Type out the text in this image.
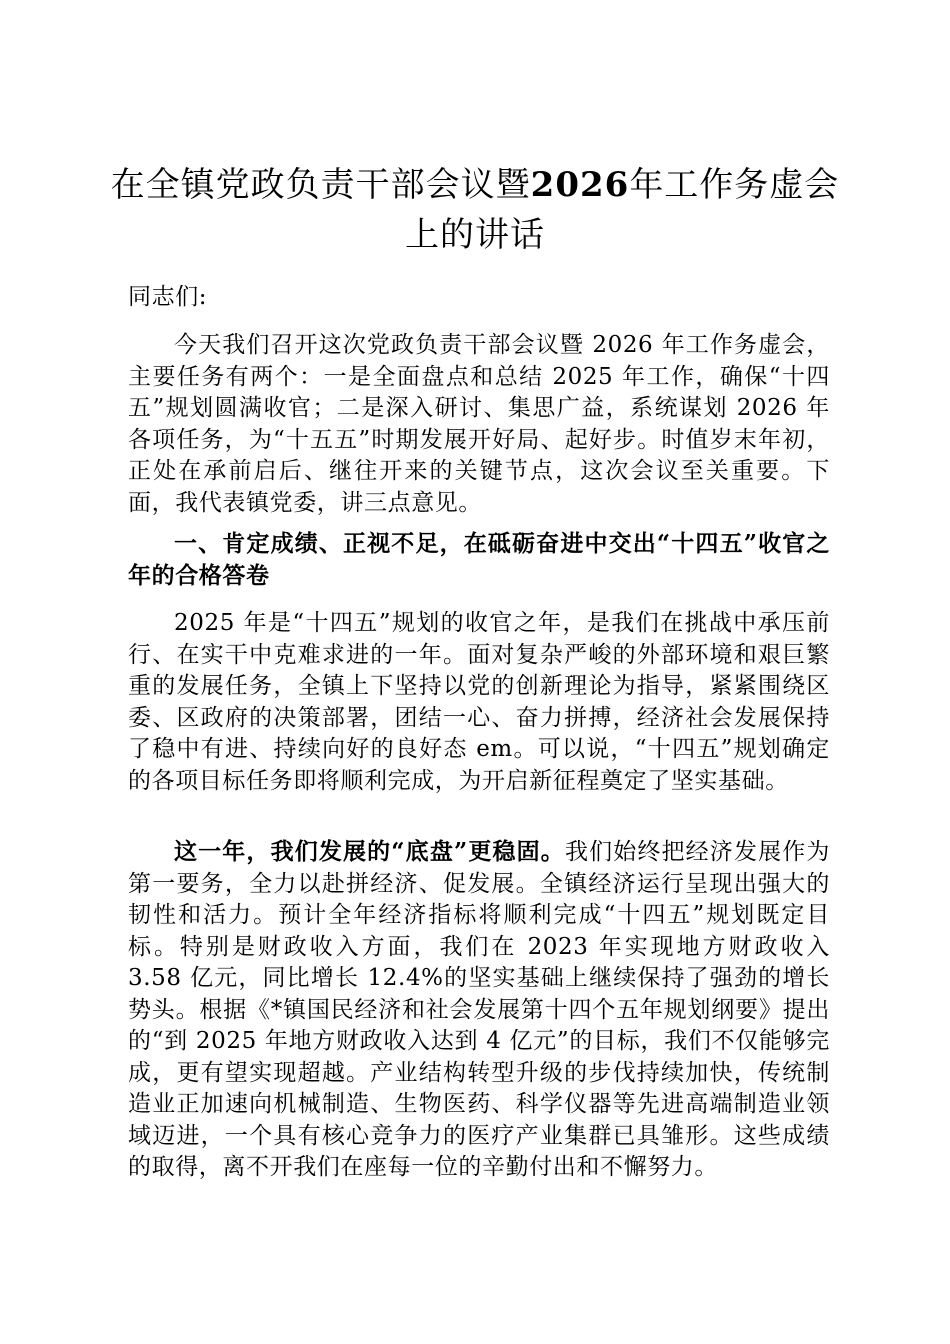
在全镇党政负责干部会议暨2026年工作务虚会上的讲话

同志们:

今天我们召开这次党政负责干部会议暨 2026 年工作务虚会，主要任务有两个：一是全面盘点和总结 2025 年工作，确保“十四五”规划圆满收官；二是深入研讨、集思广益，系统谋划 2026 年各项任务，为“十五五”时期发展开好局、起好步。时值岁末年初，正处在承前启后、继往开来的关键节点，这次会议至关重要。下面，我代表镇党委，讲三点意见。

一、肯定成绩、正视不足，在砥砺奋进中交出“十四五”收官之年的合格答卷

2025 年是“十四五”规划的收官之年，是我们在挑战中承压前行、在实干中克难求进的一年。面对复杂严峻的外部环境和艰巨繁重的发展任务，全镇上下坚持以党的创新理论为指导，紧紧围绕区委、区政府的决策部署，团结一心、奋力拼搏，经济社会发展保持了稳中有进、持续向好的良好态 em。可以说，“十四五”规划确定的各项目标任务即将顺利完成，为开启新征程奠定了坚实基础。

这一年，我们发展的“底盘”更稳固。我们始终把经济发展作为第一要务，全力以赴拼经济、促发展。全镇经济运行呈现出强大的韧性和活力。预计全年经济指标将顺利完成“十四五”规划既定目标。特别是财政收入方面，我们在 2023 年实现地方财政收入 3.58 亿元，同比增长 12.4%的坚实基础上继续保持了强劲的增长势头。根据《*镇国民经济和社会发展第十四个五年规划纲要》提出的“到 2025 年地方财政收入达到 4 亿元”的目标，我们不仅能够完成，更有望实现超越。产业结构转型升级的步伐持续加快，传统制造业正加速向机械制造、生物医药、科学仪器等先进高端制造业领域迈进，一个具有核心竞争力的医疗产业集群已具雏形。这些成绩的取得，离不开我们在座每一位的辛勤付出和不懈努力。
